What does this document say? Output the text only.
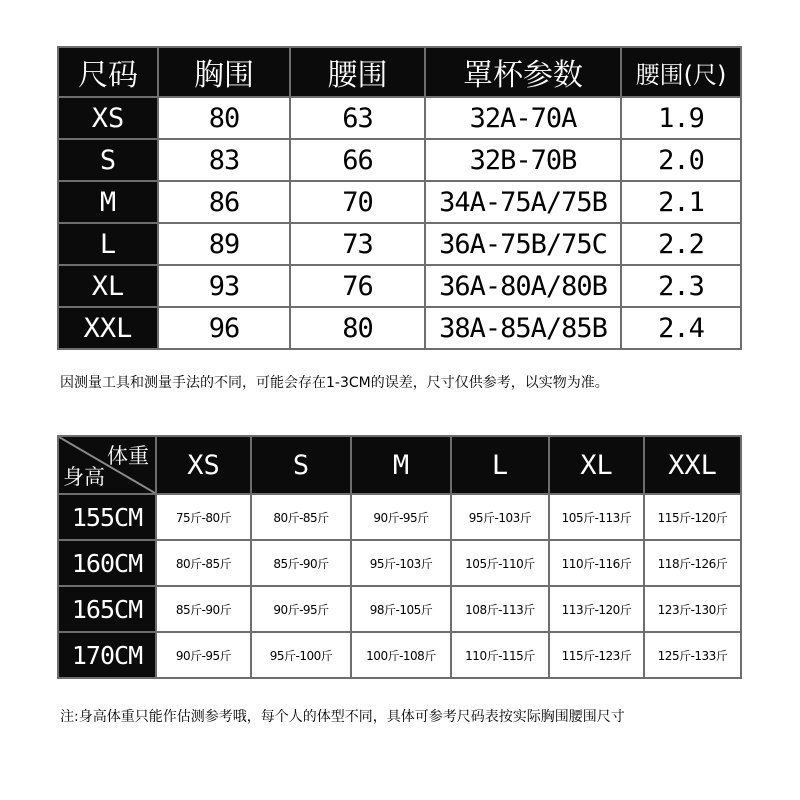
尺码	胸围	腰围	罩杯参数	腰围(尺)
XS	80	63	32A-70A	1.9
S	83	66	32B-70B	2.0
M	86	70	34A-75A/75B	2.1
L	89	73	36A-75B/75C	2.2
XL	93	76	36A-80A/80B	2.3
XXL	96	80	38A-85A/85B	2.4
因测量工具和测量手法的不同，可能会存在1-3CM的误差，尺寸仅供参考，以实物为准。
体重
身高	XS	S	M	L	XL	XXL
155CM	75斤-80斤	80斤-85斤	90斤-95斤	95斤-103斤	105斤-113斤	115斤-120斤
160CM	80斤-85斤	85斤-90斤	95斤-103斤	105斤-110斤	110斤-116斤	118斤-126斤
165CM	85斤-90斤	90斤-95斤	98斤-105斤	108斤-113斤	113斤-120斤	123斤-130斤
170CM	90斤-95斤	95斤-100斤	100斤-108斤	110斤-115斤	115斤-123斤	125斤-133斤
注:身高体重只能作估测参考哦，每个人的体型不同，具体可参考尺码表按实际胸围腰围尺寸
